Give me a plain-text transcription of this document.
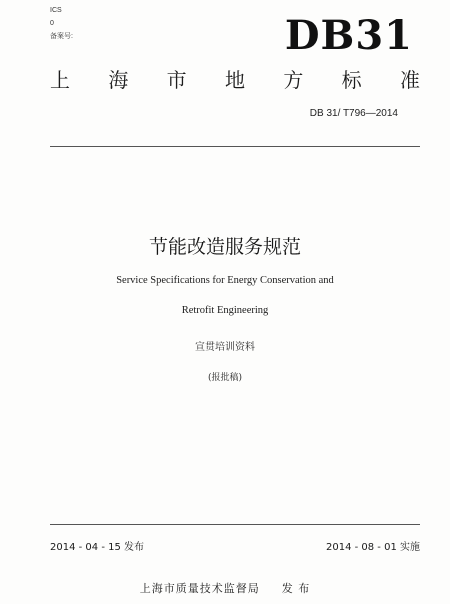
ICS
0
备案号:	DB31
上 海 市 地 方 标 准
DB 31/ T796—2014
节能改造服务规范
Service Specifications for Energy Conservation and
Retrofit Engineering
宣贯培训资料
(报批稿)
2014 - 04 - 15 发布	2014 - 08 - 01 实施
上海市质量技术监督局 发 布
